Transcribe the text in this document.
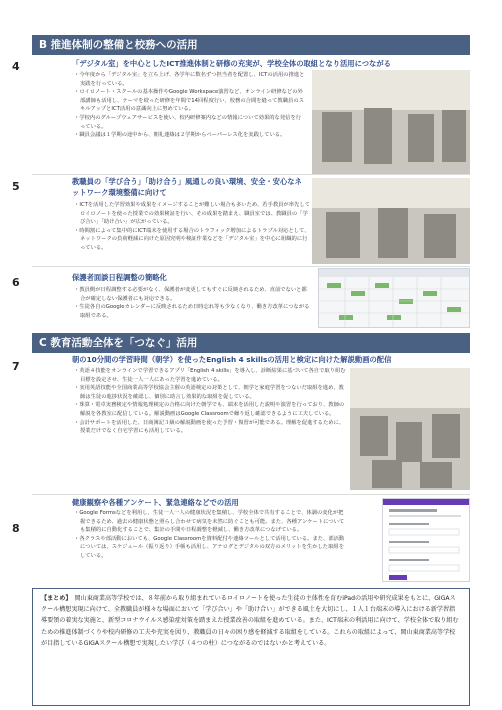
B 推進体制の整備と校務への活用
4	「デジタル室」を中心としたICT推進体制と研修の充実が、学校全体の取組となり活用につながる
・ 今年度から「デジタル室」を立ち上げ、各学年に数名ずつ担当者を配置し、ICTの活用の推進と実践を行っている。
・ ロイロノート・スクールの基本操作やGoogle Workspace演習など、オンライン研修などの外部講師も活用し、テーマを絞った研修を年間で14回程度行い、校務の合間を縫って教職員のスキルアップとICT活用の意識向上に努めている。
・ 学校内のグループウェアサービスを使い、校内研修案内などの情報について効果的な発信を行っている。
・ 職員会議は１学期の途中から、朝礼連絡は２学期からペーパーレス化を実践している。
5	教職員の「学び合う」「助け合う」風通しの良い環境、安全・安心なネットワーク環境整備に向けて
・ ICTを活用した学習効果や成果をイメージすることが難しい場合も多いため、若手教員が率先してロイロノートを使った授業での効果検証を行い、その成果を踏まえ、職員室では、教職員の「学び合い」「助け合い」が広がっている。
・ 時間割によって集中的にICT端末を使用する場合のトラフィック増加によるトラブル対応として、ネットワークの負荷軽減に向けた原因究明や検証作業などを「デジタル室」を中心に組織的に行っている。
6	保護者面談日程調整の簡略化
・ 教員側が日程調整する必要がなく、保護者が変更してもすぐに反映されるため、直前でないと都合が確定しない保護者にも対応できる。
・ 生徒各自のGoogleカレンダーに反映されるため日時忘れ等も少なくなり、働き方改革につながる取組である。
C 教育活動全体を「つなぐ」活用
7
朝の10分間の学習時間（朝学）を使ったEnglish 4 skillsの活用と検定に向けた解説動画の配信
・ 英語４技能をオンラインで学習できるアプリ「English 4 skills」を導入し、診断結果に基づいて各自で取り組む目標を設定させ、生徒一人一人にあった学習を進めている。
・ 実用英語技能や全国商業高等学校協会主催の英語検定の対策として、朝学と家庭学習をつないだ取組を進め、教師は生徒の進捗状況を確認し、個別に助言し効果的な取組を促している。
・ 珠算・電卓実務検定や情報処理検定の合格に向けた朝学でも、端末を活用した説明や演習を行っており、教師の解説を各教室に配信している。解説動画はGoogle Classroomで繰り返し確認できるように工夫している。
・ 会計サポートを活用した、日商簿記３級の解説動画を使った予習・復習が可能である。理解を促進するために、授業だけでなく自宅学習にも活用している。
8
健康観察や各種アンケート、緊急連絡などでの活用
・ Google Formsなどを利用し、生徒一人一人の健康状況を集積し、学校全体で共有することで、体調の変化が把握できるため、過去の健康状態と照らし合わせて病気を未然に防ぐことも可能。また、各種アンケートについても集積的に自動化することで、集計の手間や日程調整を軽減し、働き方改革につなげている。
・ 各クラスや部活動においても、Google Classroomを資料配付や連絡ツールとして活用している。また、部活動については、スケジュール（振り返り）手帳も活用し、アナログとデジタルの双方のメリットを生かした取組をしている。
【まとめ】　岡山東商業高等学校では、８年前から取り組まれているロイロノートを使った生徒の主体性を育むiPadの活用や研究成果をもとに、GIGAスクール構想実現に向けて、全教職員が様々な場面において「学び合い」や「助け合い」ができる風土を大切にし、１人１台端末の導入における新学習指導要領の着実な実施と、新型コロナウイルス感染症対策を踏まえた授業改善の取組を進めている。また、ICT端末の利活用に向けて、学校全体で取り組むための推進体制づくりや校内研修の工夫や充実を図り、教職員の日々の困り感を軽減する取組をしている。これらの取組によって、岡山東商業高等学校が目指しているGIGAスクール構想で実現したい学び（４つの柱）につながるのではないかと考えている。
